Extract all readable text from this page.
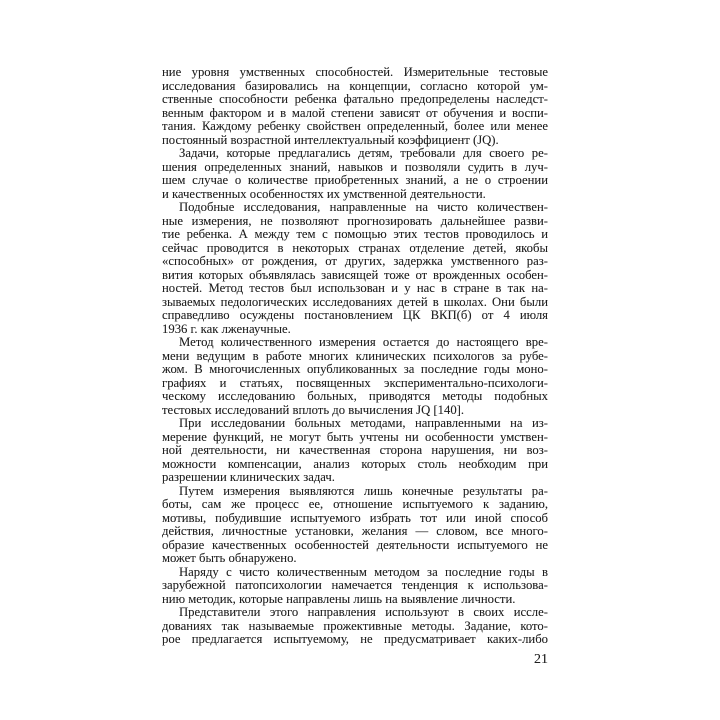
ние уровня умственных способностей. Измерительные тестовые
исследования базировались на концепции, согласно которой ум-
ственные способности ребенка фатально предопределены наследст-
венным фактором и в малой степени зависят от обучения и воспи-
тания. Каждому ребенку свойствен определенный, более или менее
постоянный возрастной интеллектуальный коэффициент (JQ).
Задачи, которые предлагались детям, требовали для своего ре-
шения определенных знаний, навыков и позволяли судить в луч-
шем случае о количестве приобретенных знаний, а не о строении
и качественных особенностях их умственной деятельности.
Подобные исследования, направленные на чисто количествен-
ные измерения, не позволяют прогнозировать дальнейшее разви-
тие ребенка. А между тем с помощью этих тестов проводилось и
сейчас проводится в некоторых странах отделение детей, якобы
«способных» от рождения, от других, задержка умственного раз-
вития которых объявлялась зависящей тоже от врожденных особен-
ностей. Метод тестов был использован и у нас в стране в так на-
зываемых педологических исследованиях детей в школах. Они были
справедливо осуждены постановлением ЦК ВКП(б) от 4 июля
1936 г. как лженаучные.
Метод количественного измерения остается до настоящего вре-
мени ведущим в работе многих клинических психологов за рубе-
жом. В многочисленных опубликованных за последние годы моно-
графиях и статьях, посвященных экспериментально-психологи-
ческому исследованию больных, приводятся методы подобных
тестовых исследований вплоть до вычисления JQ [140].
При исследовании больных методами, направленными на из-
мерение функций, не могут быть учтены ни особенности умствен-
ной деятельности, ни качественная сторона нарушения, ни воз-
можности компенсации, анализ которых столь необходим при
разрешении клинических задач.
Путем измерения выявляются лишь конечные результаты ра-
боты, сам же процесс ее, отношение испытуемого к заданию,
мотивы, побудившие испытуемого избрать тот или иной способ
действия, личностные установки, желания — словом, все много-
образие качественных особенностей деятельности испытуемого не
может быть обнаружено.
Наряду с чисто количественным методом за последние годы в
зарубежной патопсихологии намечается тенденция к использова-
нию методик, которые направлены лишь на выявление личности.
Представители этого направления используют в своих иссле-
дованиях так называемые прожективные методы. Задание, кото-
рое предлагается испытуемому, не предусматривает каких-либо
21
